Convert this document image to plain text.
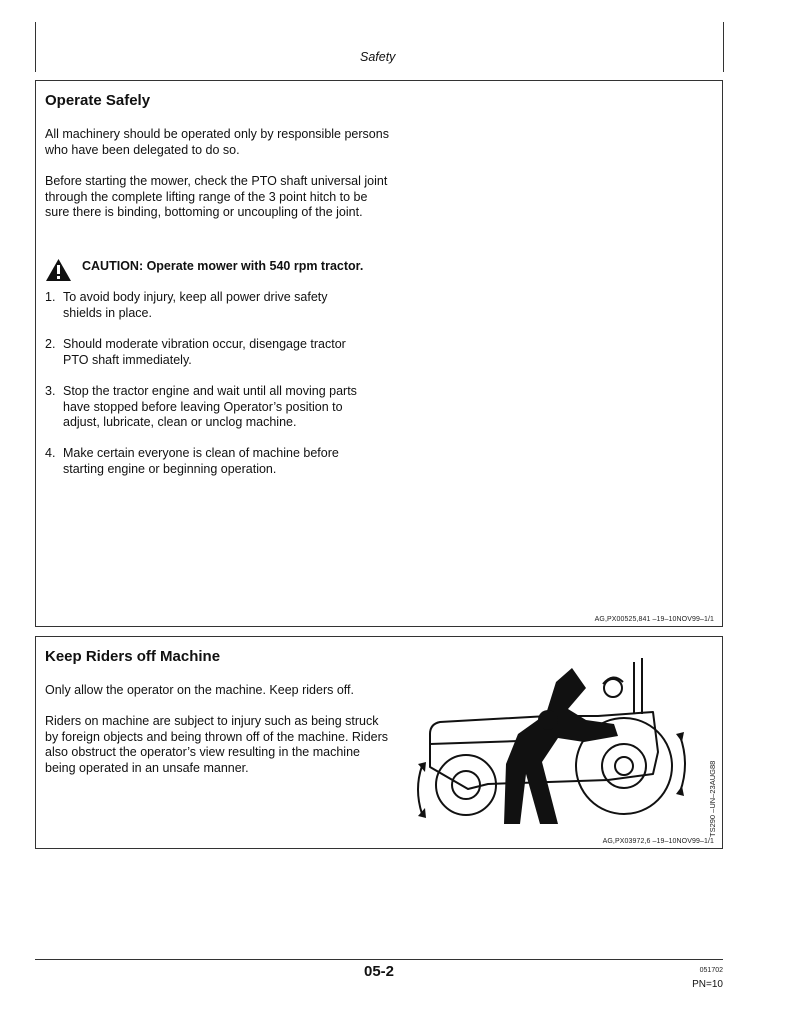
Safety
Operate Safely
All machinery should be operated only by responsible persons who have been delegated to do so.
Before starting the mower, check the PTO shaft universal joint through the complete lifting range of the 3 point hitch to be sure there is binding, bottoming or uncoupling of the joint.
CAUTION: Operate mower with 540 rpm tractor.
1. To avoid body injury, keep all power drive safety shields in place.
2. Should moderate vibration occur, disengage tractor PTO shaft immediately.
3. Stop the tractor engine and wait until all moving parts have stopped before leaving Operator’s position to adjust, lubricate, clean or unclog machine.
4. Make certain everyone is clean of machine before starting engine or beginning operation.
AG,PX00525,841 –19–10NOV99–1/1
Keep Riders off Machine
Only allow the operator on the machine. Keep riders off.
Riders on machine are subject to injury such as being struck by foreign objects and being thrown off of the machine. Riders also obstruct the operator’s view resulting in the machine being operated in an unsafe manner.	TS290 –UN–23AUG88
AG,PX03972,6 –19–10NOV99–1/1
05-2	051702
PN=10
